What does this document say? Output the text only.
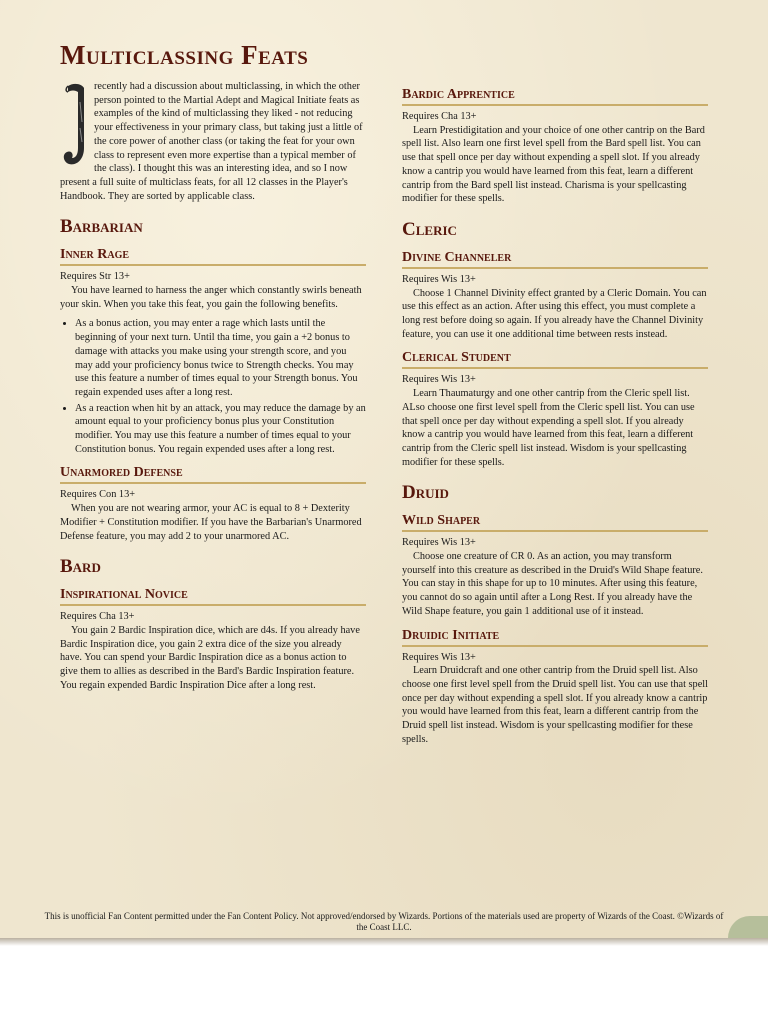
Multiclassing Feats

recently had a discussion about multiclassing, in which the other person pointed to the Martial Adept and Magical Initiate feats as examples of the kind of multiclassing they liked - not reducing your effectiveness in your primary class, but taking just a little of the core power of another class (or taking the feat for your own class to represent even more expertise than a typical member of the class). I thought this was an interesting idea, and so I now present a full suite of multiclass feats, for all 12 classes in the Player's Handbook. They are sorted by applicable class.

Barbarian
Inner Rage

Requires Str 13+

You have learned to harness the anger which constantly swirls beneath your skin. When you take this feat, you gain the following benefits.

• As a bonus action, you may enter a rage which lasts until the beginning of your next turn. Until tha time, you gain a +2 bonus to damage with attacks you make using your strength score, and you may add your proficiency bonus twice to Strength checks. You may use this feature a number of times equal to your Strength bonus. You regain expended uses after a long rest.
• As a reaction when hit by an attack, you may reduce the damage by an amount equal to your proficiency bonus plus your Constitution modifier. You may use this feature a number of times equal to your Constitution bonus. You regain expended uses after a long rest.
Unarmored Defense

Requires Con 13+

When you are not wearing armor, your AC is equal to 8 + Dexterity Modifier + Constitution modifier. If you have the Barbarian's Unarmored Defense feature, you may add 2 to your unarmored AC.

Bard
Inspirational Novice

Requires Cha 13+

You gain 2 Bardic Inspiration dice, which are d4s. If you already have Bardic Inspiration dice, you gain 2 extra dice of the size you already have. You can spend your Bardic Inspiration dice as a bonus action to give them to allies as described in the Bard's Bardic Inspiration feature. You regain expended Bardic Inspiration Dice after a long rest.

Bardic Apprentice

Requires Cha 13+

Learn Prestidigitation and your choice of one other cantrip on the Bard spell list. Also learn one first level spell from the Bard spell list. You can use that spell once per day without expending a spell slot. If you already know a cantrip you would have learned from this feat, learn a different cantrip from the Bard spell list instead. Charisma is your spellcasting modifier for these spells.

Cleric
Divine Channeler

Requires Wis 13+

Choose 1 Channel Divinity effect granted by a Cleric Domain. You can use this effect as an action. After using this effect, you must complete a long rest before doing so again. If you already have the Channel Divinity feature, you can use it one additional time between rests instead.

Clerical Student

Requires Wis 13+

Learn Thaumaturgy and one other cantrip from the Cleric spell list. ALso choose one first level spell from the Cleric spell list. You can use that spell once per day without expending a spell slot. If you already know a cantrip you would have learned from this feat, learn a different cantrip from the Cleric spell list instead. Wisdom is your spellcasting modifier for these spells.

Druid
Wild Shaper

Requires Wis 13+

Choose one creature of CR 0. As an action, you may transform yourself into this creature as described in the Druid's Wild Shape feature. You can stay in this shape for up to 10 minutes. After using this feature, you cannot do so again until after a Long Rest. If you already have the Wild Shape feature, you gain 1 additional use of it instead.

Druidic Initiate

Requires Wis 13+

Learn Druidcraft and one other cantrip from the Druid spell list. Also choose one first level spell from the Druid spell list. You can use that spell once per day without expending a spell slot. If you already know a cantrip you would have learned from this feat, learn a different cantrip from the Druid spell list instead. Wisdom is your spellcasting modifier for these spells.

This is unofficial Fan Content permitted under the Fan Content Policy. Not approved/endorsed by Wizards. Portions of the materials used are property of Wizards of the Coast. ©Wizards of the Coast LLC.
